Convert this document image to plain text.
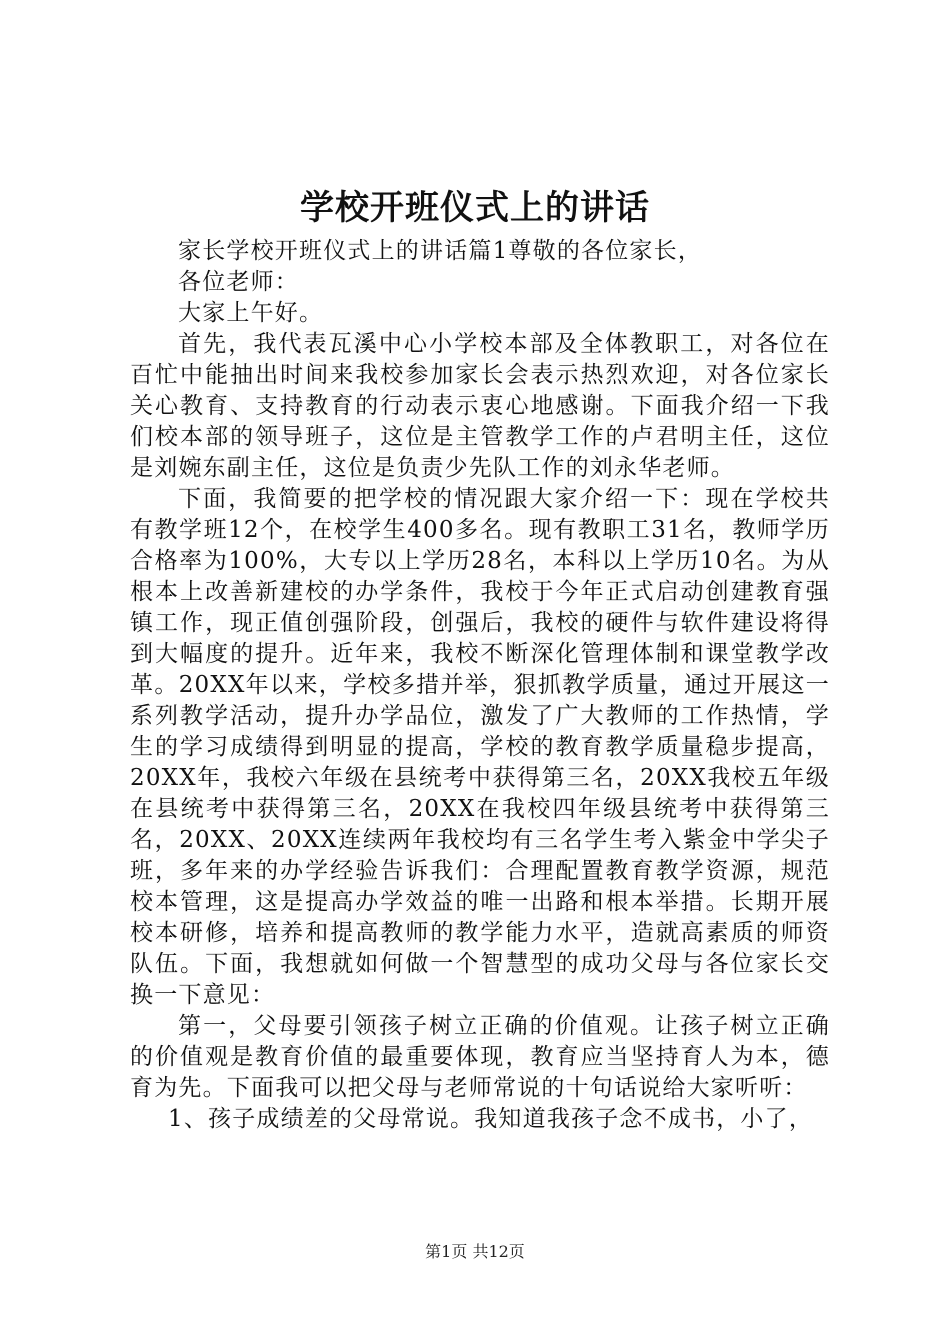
学校开班仪式上的讲话

家长学校开班仪式上的讲话篇1尊敬的各位家长，

各位老师：

大家上午好。

首先，我代表瓦溪中心小学校本部及全体教职工，对各位在百忙中能抽出时间来我校参加家长会表示热烈欢迎，对各位家长关心教育、支持教育的行动表示衷心地感谢。下面我介绍一下我们校本部的领导班子，这位是主管教学工作的卢君明主任，这位是刘婉东副主任，这位是负责少先队工作的刘永华老师。

下面，我简要的把学校的情况跟大家介绍一下：现在学校共有教学班12个，在校学生400多名。现有教职工31名，教师学历合格率为100%，大专以上学历28名，本科以上学历10名。为从根本上改善新建校的办学条件，我校于今年正式启动创建教育强镇工作，现正值创强阶段，创强后，我校的硬件与软件建设将得到大幅度的提升。近年来，我校不断深化管理体制和课堂教学改革。20XX年以来，学校多措并举，狠抓教学质量，通过开展这一系列教学活动，提升办学品位，激发了广大教师的工作热情，学生的学习成绩得到明显的提高，学校的教育教学质量稳步提高，20XX年，我校六年级在县统考中获得第三名，20XX我校五年级在县统考中获得第三名，20XX在我校四年级县统考中获得第三名，20XX、20XX连续两年我校均有三名学生考入紫金中学尖子班，多年来的办学经验告诉我们：合理配置教育教学资源，规范校本管理，这是提高办学效益的唯一出路和根本举措。长期开展校本研修，培养和提高教师的教学能力水平，造就高素质的师资队伍。下面，我想就如何做一个智慧型的成功父母与各位家长交换一下意见：

第一，父母要引领孩子树立正确的价值观。让孩子树立正确的价值观是教育价值的最重要体现，教育应当坚持育人为本，德育为先。下面我可以把父母与老师常说的十句话说给大家听听：

1、孩子成绩差的父母常说。我知道我孩子念不成书，小了，

第1页 共12页
